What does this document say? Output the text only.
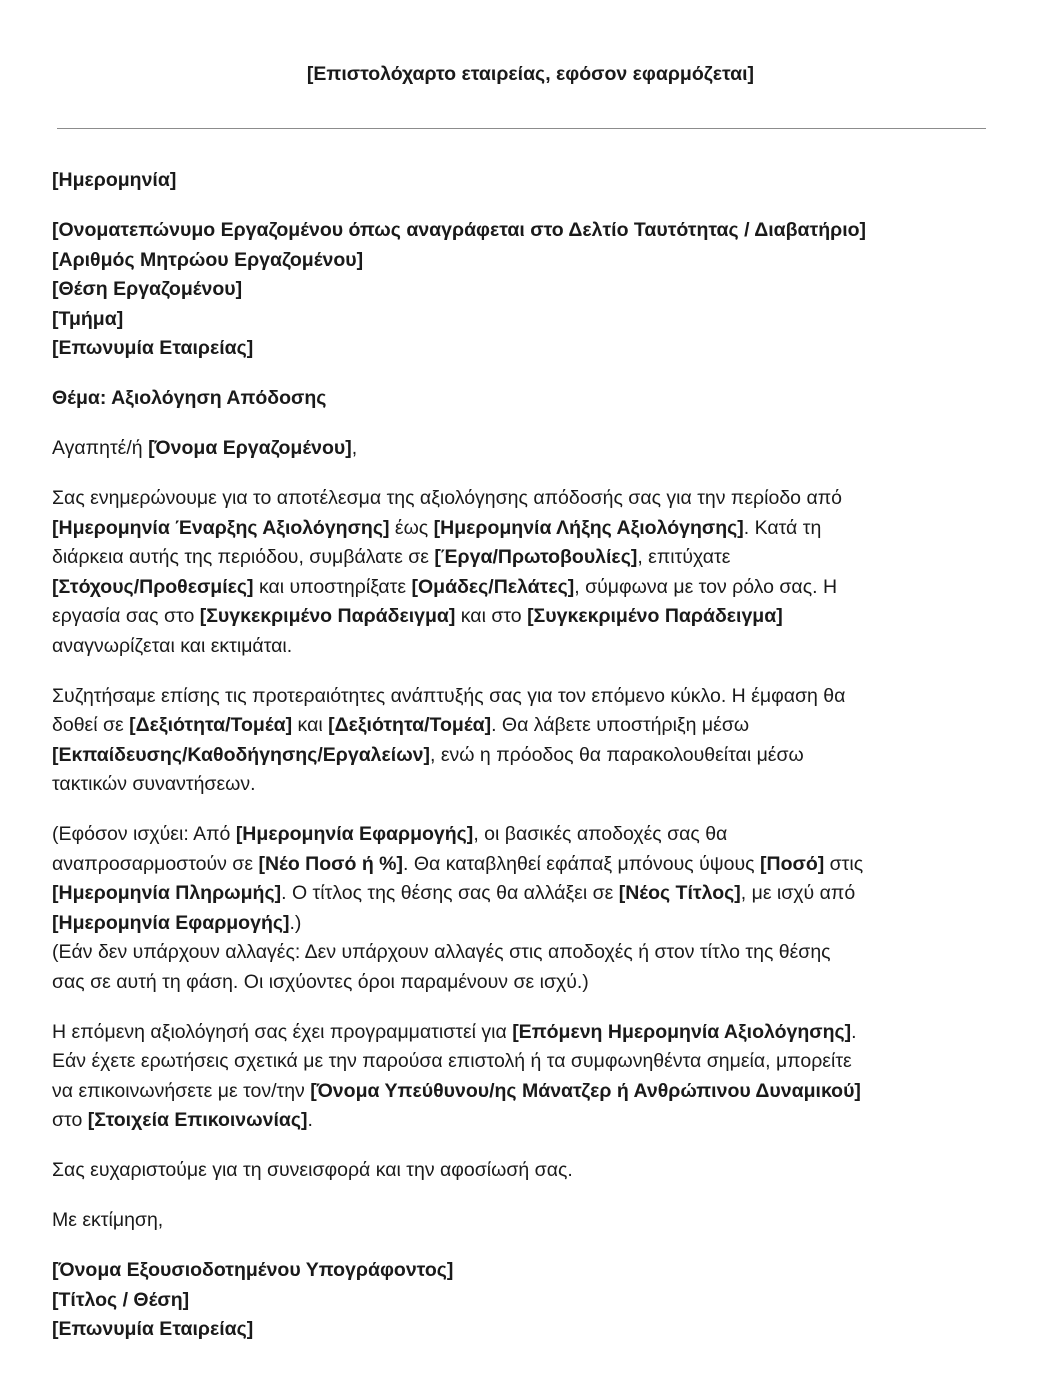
[Επιστολόχαρτο εταιρείας, εφόσον εφαρμόζεται]

[Ημερομηνία]

[Ονοματεπώνυμο Εργαζομένου όπως αναγράφεται στο Δελτίο Ταυτότητας / Διαβατήριο]
[Αριθμός Μητρώου Εργαζομένου]
[Θέση Εργαζομένου]
[Τμήμα]
[Επωνυμία Εταιρείας]

Θέμα: Αξιολόγηση Απόδοσης

Αγαπητέ/ή [Όνομα Εργαζομένου],

Σας ενημερώνουμε για το αποτέλεσμα της αξιολόγησης απόδοσής σας για την περίοδο από
[Ημερομηνία Έναρξης Αξιολόγησης] έως [Ημερομηνία Λήξης Αξιολόγησης]. Κατά τη
διάρκεια αυτής της περιόδου, συμβάλατε σε [Έργα/Πρωτοβουλίες], επιτύχατε
[Στόχους/Προθεσμίες] και υποστηρίξατε [Ομάδες/Πελάτες], σύμφωνα με τον ρόλο σας. Η
εργασία σας στο [Συγκεκριμένο Παράδειγμα] και στο [Συγκεκριμένο Παράδειγμα]
αναγνωρίζεται και εκτιμάται.

Συζητήσαμε επίσης τις προτεραιότητες ανάπτυξής σας για τον επόμενο κύκλο. Η έμφαση θα
δοθεί σε [Δεξιότητα/Τομέα] και [Δεξιότητα/Τομέα]. Θα λάβετε υποστήριξη μέσω
[Εκπαίδευσης/Καθοδήγησης/Εργαλείων], ενώ η πρόοδος θα παρακολουθείται μέσω
τακτικών συναντήσεων.

(Εφόσον ισχύει: Από [Ημερομηνία Εφαρμογής], οι βασικές αποδοχές σας θα
αναπροσαρμοστούν σε [Νέο Ποσό ή %]. Θα καταβληθεί εφάπαξ μπόνους ύψους [Ποσό] στις
[Ημερομηνία Πληρωμής]. Ο τίτλος της θέσης σας θα αλλάξει σε [Νέος Τίτλος], με ισχύ από
[Ημερομηνία Εφαρμογής].)
(Εάν δεν υπάρχουν αλλαγές: Δεν υπάρχουν αλλαγές στις αποδοχές ή στον τίτλο της θέσης
σας σε αυτή τη φάση. Οι ισχύοντες όροι παραμένουν σε ισχύ.)

Η επόμενη αξιολόγησή σας έχει προγραμματιστεί για [Επόμενη Ημερομηνία Αξιολόγησης].
Εάν έχετε ερωτήσεις σχετικά με την παρούσα επιστολή ή τα συμφωνηθέντα σημεία, μπορείτε
να επικοινωνήσετε με τον/την [Όνομα Υπεύθυνου/ης Μάνατζερ ή Ανθρώπινου Δυναμικού]
στο [Στοιχεία Επικοινωνίας].

Σας ευχαριστούμε για τη συνεισφορά και την αφοσίωσή σας.

Με εκτίμηση,

[Όνομα Εξουσιοδοτημένου Υπογράφοντος]
[Τίτλος / Θέση]
[Επωνυμία Εταιρείας]
